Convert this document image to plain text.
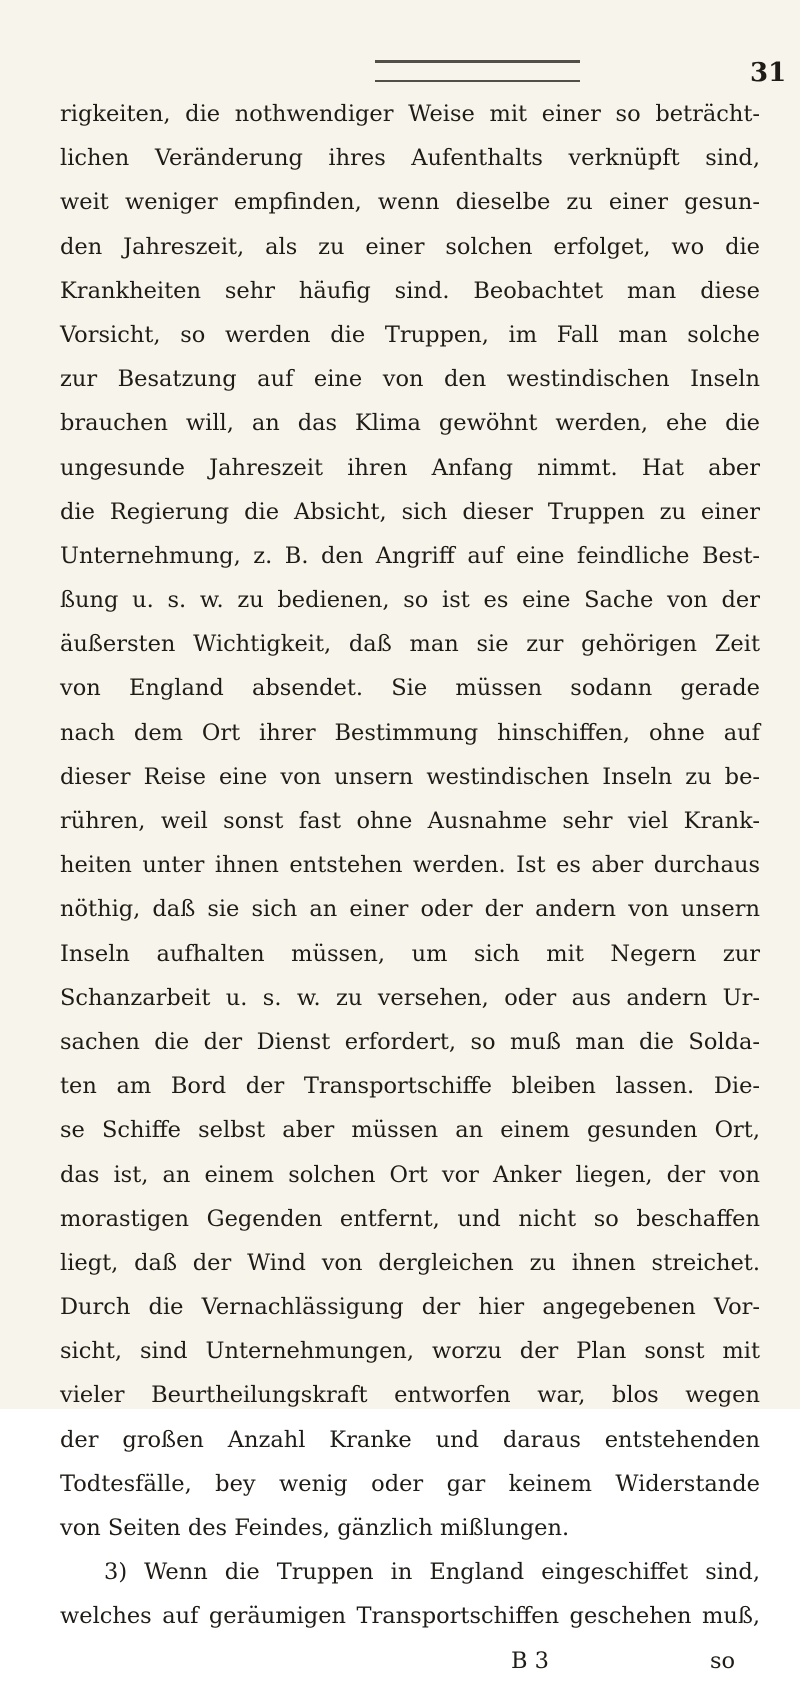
31
rigkeiten, die nothwendiger Weise mit einer so beträcht-
lichen Veränderung ihres Aufenthalts verknüpft sind,
weit weniger empfinden, wenn dieselbe zu einer gesun-
den Jahreszeit, als zu einer solchen erfolget, wo die
Krankheiten sehr häufig sind. Beobachtet man diese
Vorsicht, so werden die Truppen, im Fall man solche
zur Besatzung auf eine von den westindischen Inseln
brauchen will, an das Klima gewöhnt werden, ehe die
ungesunde Jahreszeit ihren Anfang nimmt. Hat aber
die Regierung die Absicht, sich dieser Truppen zu einer
Unternehmung, z. B. den Angriff auf eine feindliche Best-
ßung u. s. w. zu bedienen, so ist es eine Sache von der
äußersten Wichtigkeit, daß man sie zur gehörigen Zeit
von England absendet. Sie müssen sodann gerade
nach dem Ort ihrer Bestimmung hinschiffen, ohne auf
dieser Reise eine von unsern westindischen Inseln zu be-
rühren, weil sonst fast ohne Ausnahme sehr viel Krank-
heiten unter ihnen entstehen werden. Ist es aber durchaus
nöthig, daß sie sich an einer oder der andern von unsern
Inseln aufhalten müssen, um sich mit Negern zur
Schanzarbeit u. s. w. zu versehen, oder aus andern Ur-
sachen die der Dienst erfordert, so muß man die Solda-
ten am Bord der Transportschiffe bleiben lassen. Die-
se Schiffe selbst aber müssen an einem gesunden Ort,
das ist, an einem solchen Ort vor Anker liegen, der von
morastigen Gegenden entfernt, und nicht so beschaffen
liegt, daß der Wind von dergleichen zu ihnen streichet.
Durch die Vernachlässigung der hier angegebenen Vor-
sicht, sind Unternehmungen, worzu der Plan sonst mit
vieler Beurtheilungskraft entworfen war, blos wegen
der großen Anzahl Kranke und daraus entstehenden
Todtesfälle, bey wenig oder gar keinem Widerstande
von Seiten des Feindes, gänzlich mißlungen.
3) Wenn die Truppen in England eingeschiffet sind,
welches auf geräumigen Transportschiffen geschehen muß,
B 3	so
